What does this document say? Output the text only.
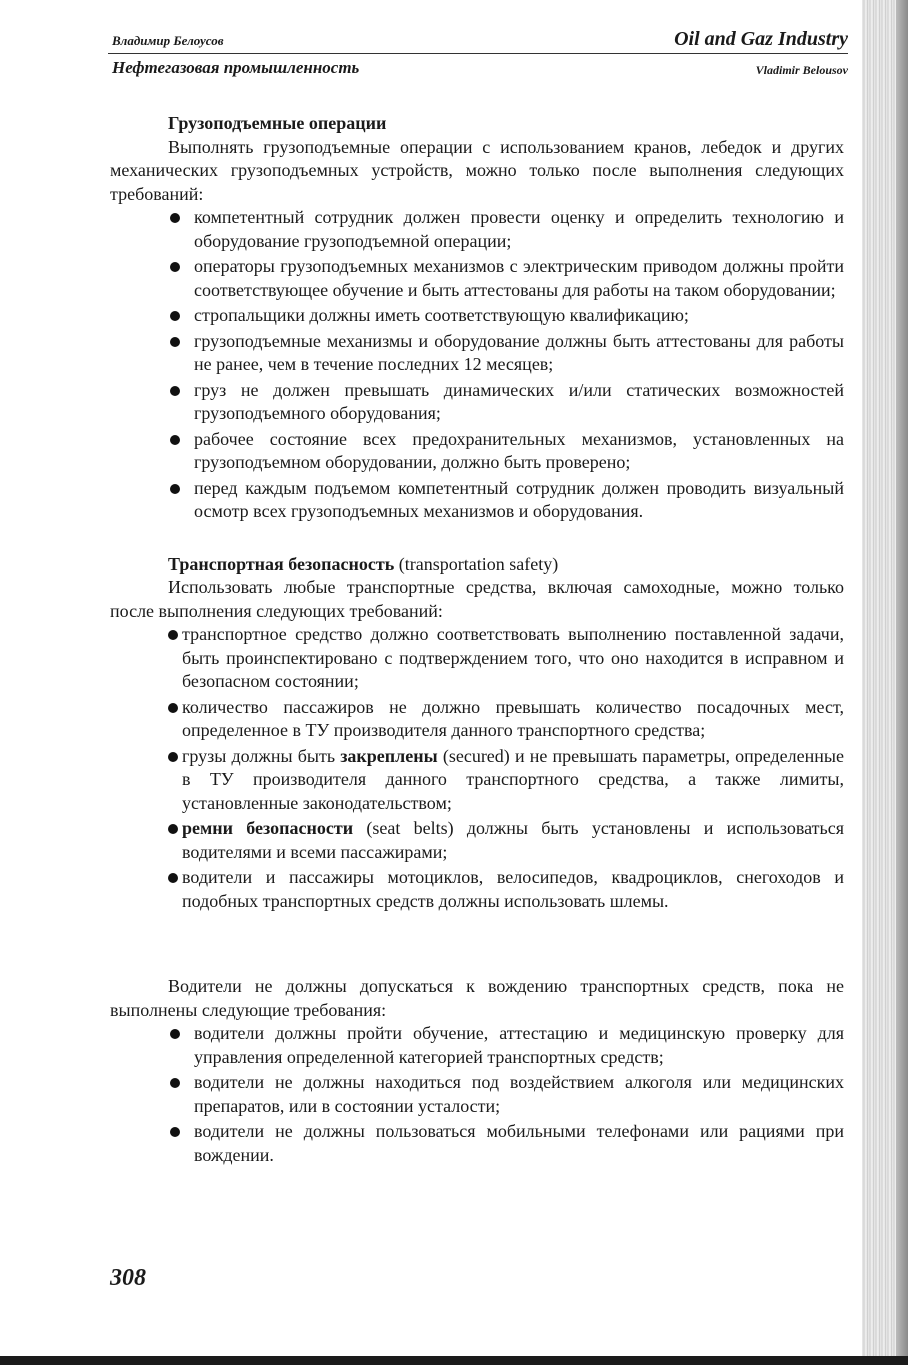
Владимир Белоусов	Oil and Gaz Industry
Нефтегазовая промышленность	Vladimir Belousov

Грузоподъемные операции

Выполнять грузоподъемные операции с использованием кранов, лебедок и других механических грузоподъемных устройств, можно только после выполнения следующих требований:

компетентный сотрудник должен провести оценку и определить технологию и оборудование грузоподъемной операции;
операторы грузоподъемных механизмов с электрическим приводом должны пройти соответствующее обучение и быть аттестованы для работы на таком оборудовании;
стропальщики должны иметь соответствующую квалификацию;
грузоподъемные механизмы и оборудование должны быть аттестованы для работы не ранее, чем в течение последних 12 месяцев;
груз не должен превышать динамических и/или статических возможностей грузоподъемного оборудования;
рабочее состояние всех предохранительных механизмов, установленных на грузоподъемном оборудовании, должно быть проверено;
перед каждым подъемом компетентный сотрудник должен проводить визуальный осмотр всех грузоподъемных механизмов и оборудования.

Транспортная безопасность (transportation safety)

Использовать любые транспортные средства, включая самоходные, можно только после выполнения следующих требований:

транспортное средство должно соответствовать выполнению поставленной задачи, быть проинспектировано с подтверждением того, что оно находится в исправном и безопасном состоянии;
количество пассажиров не должно превышать количество посадочных мест, определенное в ТУ производителя данного транспортного средства;
грузы должны быть закреплены (secured) и не превышать параметры, определенные в ТУ производителя данного транспортного средства, а также лимиты, установленные законодательством;
ремни безопасности (seat belts) должны быть установлены и использоваться водителями и всеми пассажирами;
водители и пассажиры мотоциклов, велосипедов, квадроциклов, снегоходов и подобных транспортных средств должны использовать шлемы.

Водители не должны допускаться к вождению транспортных средств, пока не выполнены следующие требования:

водители должны пройти обучение, аттестацию и медицинскую проверку для управления определенной категорией транспортных средств;
водители не должны находиться под воздействием алкоголя или медицинских препаратов, или в состоянии усталости;
водители не должны пользоваться мобильными телефонами или рациями при вождении.
308
